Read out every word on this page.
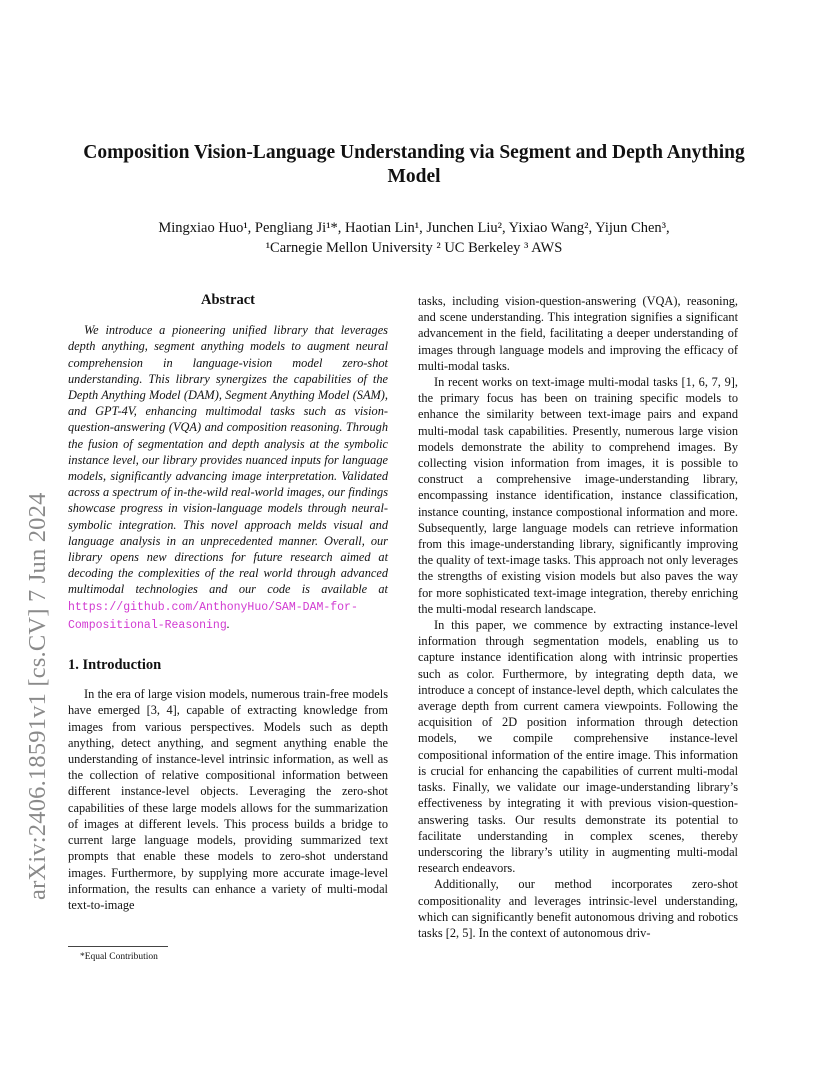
arXiv:2406.18591v1 [cs.CV] 7 Jun 2024
Composition Vision-Language Understanding via Segment and Depth Anything Model
Mingxiao Huo¹, Pengliang Ji¹*, Haotian Lin¹, Junchen Liu², Yixiao Wang², Yijun Chen³,
¹Carnegie Mellon University ² UC Berkeley ³ AWS
Abstract

We introduce a pioneering unified library that leverages depth anything, segment anything models to augment neural comprehension in language-vision model zero-shot understanding. This library synergizes the capabilities of the Depth Anything Model (DAM), Segment Anything Model (SAM), and GPT-4V, enhancing multimodal tasks such as vision-question-answering (VQA) and composition reasoning. Through the fusion of segmentation and depth analysis at the symbolic instance level, our library provides nuanced inputs for language models, significantly advancing image interpretation. Validated across a spectrum of in-the-wild real-world images, our findings showcase progress in vision-language models through neural-symbolic integration. This novel approach melds visual and language analysis in an unprecedented manner. Overall, our library opens new directions for future research aimed at decoding the complexities of the real world through advanced multimodal technologies and our code is available at https://github.com/AnthonyHuo/SAM-DAM-for-Compositional-Reasoning.

1. Introduction

In the era of large vision models, numerous train-free models have emerged [3, 4], capable of extracting knowledge from images from various perspectives. Models such as depth anything, detect anything, and segment anything enable the understanding of instance-level intrinsic information, as well as the collection of relative compositional information between different instance-level objects. Leveraging the zero-shot capabilities of these large models allows for the summarization of images at different levels. This process builds a bridge to current large language models, providing summarized text prompts that enable these models to zero-shot understand images. Furthermore, by supplying more accurate image-level information, the results can enhance a variety of multi-modal text-to-image

tasks, including vision-question-answering (VQA), reasoning, and scene understanding. This integration signifies a significant advancement in the field, facilitating a deeper understanding of images through language models and improving the efficacy of multi-modal tasks.

In recent works on text-image multi-modal tasks [1, 6, 7, 9], the primary focus has been on training specific models to enhance the similarity between text-image pairs and expand multi-modal task capabilities. Presently, numerous large vision models demonstrate the ability to comprehend images. By collecting vision information from images, it is possible to construct a comprehensive image-understanding library, encompassing instance identification, instance classification, instance counting, instance compostional information and more. Subsequently, large language models can retrieve information from this image-understanding library, significantly improving the quality of text-image tasks. This approach not only leverages the strengths of existing vision models but also paves the way for more sophisticated text-image integration, thereby enriching the multi-modal research landscape.

In this paper, we commence by extracting instance-level information through segmentation models, enabling us to capture instance identification along with intrinsic properties such as color. Furthermore, by integrating depth data, we introduce a concept of instance-level depth, which calculates the average depth from current camera viewpoints. Following the acquisition of 2D position information through detection models, we compile comprehensive instance-level compositional information of the entire image. This information is crucial for enhancing the capabilities of current multi-modal tasks. Finally, we validate our image-understanding library’s effectiveness by integrating it with previous vision-question-answering tasks. Our results demonstrate its potential to facilitate understanding in complex scenes, thereby underscoring the library’s utility in augmenting multi-modal research endeavors.

Additionally, our method incorporates zero-shot compositionality and leverages intrinsic-level understanding, which can significantly benefit autonomous driving and robotics tasks [2, 5]. In the context of autonomous driv-

*Equal Contribution
